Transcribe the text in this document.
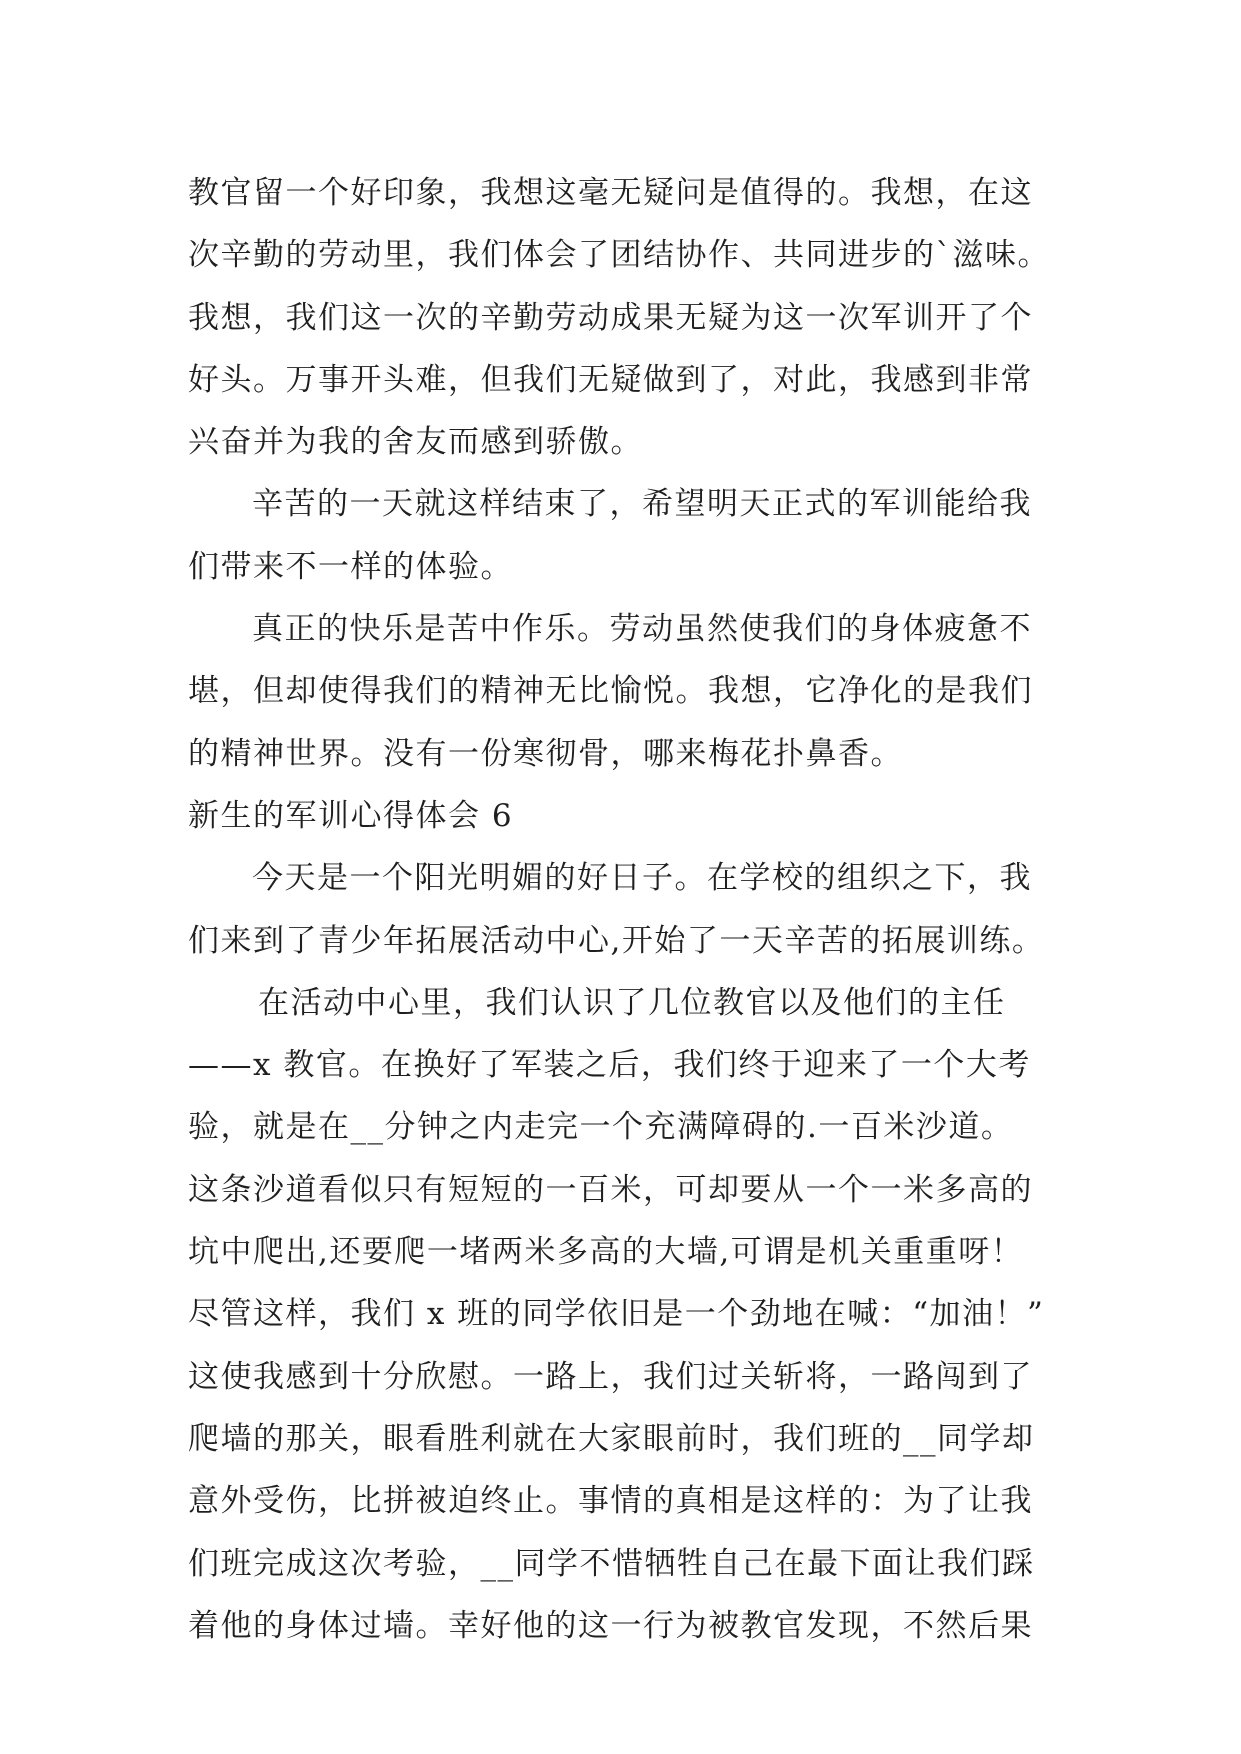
教官留一个好印象，我想这毫无疑问是值得的。我想，在这
次辛勤的劳动里，我们体会了团结协作、共同进步的`滋味。
我想，我们这一次的辛勤劳动成果无疑为这一次军训开了个
好头。万事开头难，但我们无疑做到了，对此，我感到非常
兴奋并为我的舍友而感到骄傲。
辛苦的一天就这样结束了，希望明天正式的军训能给我
们带来不一样的体验。
真正的快乐是苦中作乐。劳动虽然使我们的身体疲惫不
堪，但却使得我们的精神无比愉悦。我想，它净化的是我们
的精神世界。没有一份寒彻骨，哪来梅花扑鼻香。
新生的军训心得体会 6
今天是一个阳光明媚的好日子。在学校的组织之下，我
们来到了青少年拓展活动中心,开始了一天辛苦的拓展训练。
在活动中心里，我们认识了几位教官以及他们的主任
——x 教官。在换好了军装之后，我们终于迎来了一个大考
验，就是在__分钟之内走完一个充满障碍的.一百米沙道。
这条沙道看似只有短短的一百米，可却要从一个一米多高的
坑中爬出,还要爬一堵两米多高的大墙,可谓是机关重重呀！
尽管这样，我们 x 班的同学依旧是一个劲地在喊：“加油！”
这使我感到十分欣慰。一路上，我们过关斩将，一路闯到了
爬墙的那关，眼看胜利就在大家眼前时，我们班的__同学却
意外受伤，比拼被迫终止。事情的真相是这样的：为了让我
们班完成这次考验，__同学不惜牺牲自己在最下面让我们踩
着他的身体过墙。幸好他的这一行为被教官发现，不然后果
